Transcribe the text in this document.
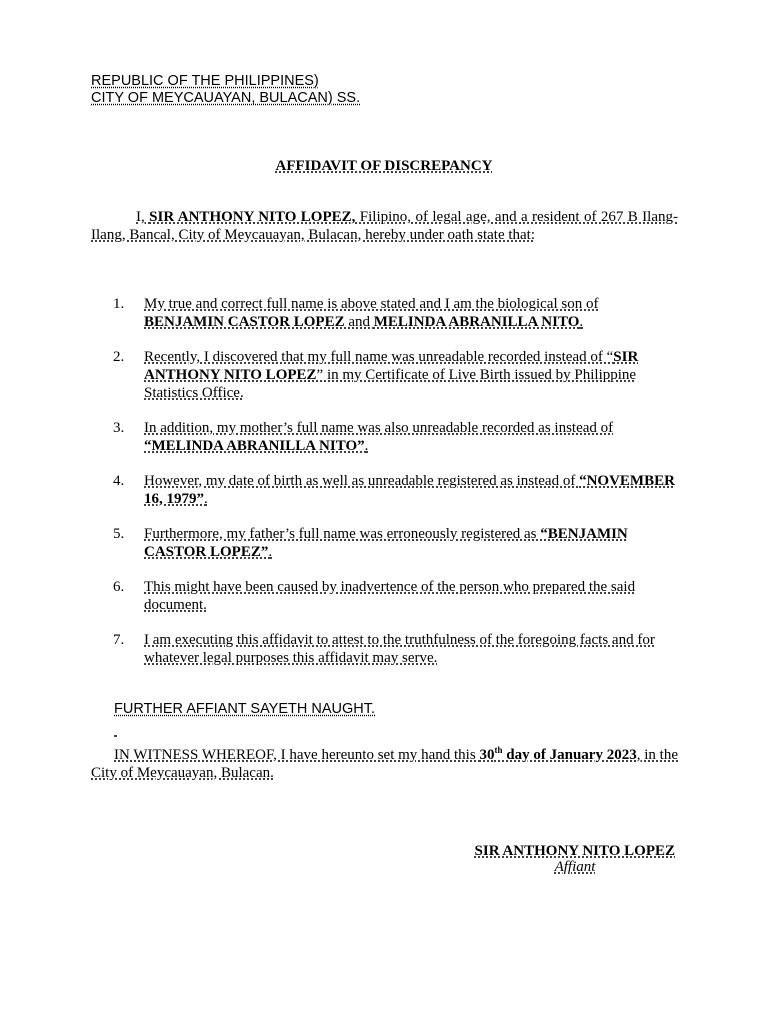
REPUBLIC OF THE PHILIPPINES)
CITY OF MEYCAUAYAN, BULACAN) SS.
AFFIDAVIT OF DISCREPANCY
I, SIR ANTHONY NITO LOPEZ, Filipino, of legal age, and a resident of 267 B Ilang-Ilang, Bancal, City of Meycauayan, Bulacan, hereby under oath state that:
1. My true and correct full name is above stated and I am the biological son of BENJAMIN CASTOR LOPEZ and MELINDA ABRANILLA NITO.
2. Recently, I discovered that my full name was unreadable recorded instead of “SIR ANTHONY NITO LOPEZ” in my Certificate of Live Birth issued by Philippine Statistics Office.
3. In addition, my mother’s full name was also unreadable recorded as instead of “MELINDA ABRANILLA NITO”.
4. However, my date of birth as well as unreadable registered as instead of “NOVEMBER 16, 1979”.
5. Furthermore, my father’s full name was erroneously registered as “BENJAMIN CASTOR LOPEZ”.
6. This might have been caused by inadvertence of the person who prepared the said document.
7. I am executing this affidavit to attest to the truthfulness of the foregoing facts and for whatever legal purposes this affidavit may serve.
FURTHER AFFIANT SAYETH NAUGHT.

IN WITNESS WHEREOF, I have hereunto set my hand this 30th day of January 2023, in the City of Meycauayan, Bulacan.
SIR ANTHONY NITO LOPEZ
Affiant
